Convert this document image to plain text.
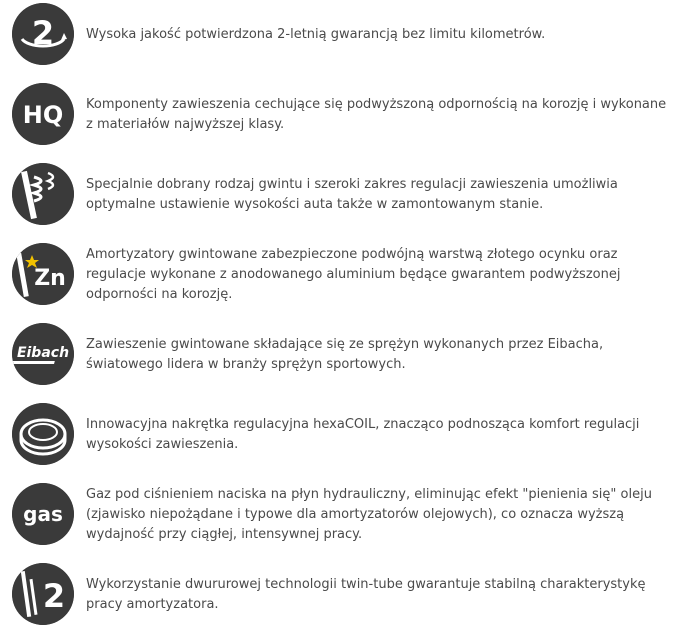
2 Wysoka jakość potwierdzona 2-letnią gwarancją bez limitu kilometrów.
HQ Komponenty zawieszenia cechujące się podwyższoną odpornością na korozję i wykonane z materiałów najwyższej klasy.
Specjalnie dobrany rodzaj gwintu i szeroki zakres regulacji zawieszenia umożliwia optymalne ustawienie wysokości auta także w zamontowanym stanie.
Zn
Amortyzatory gwintowane zabezpieczone podwójną warstwą złotego ocynku oraz regulacje wykonane z anodowanego aluminium będące gwarantem podwyższonej odporności na korozję.
Eibach
Zawieszenie gwintowane składające się ze sprężyn wykonanych przez Eibacha, światowego lidera w branży sprężyn sportowych.
Innowacyjna nakrętka regulacyjna hexaCOIL, znacząco podnosząca komfort regulacji wysokości zawieszenia.
gas
Gaz pod ciśnieniem naciska na płyn hydrauliczny, eliminując efekt "pienienia się" oleju (zjawisko niepożądane i typowe dla amortyzatorów olejowych), co oznacza wyższą wydajność przy ciągłej, intensywnej pracy.
2 Wykorzystanie dwururowej technologii twin-tube gwarantuje stabilną charakterystykę pracy amortyzatora.
